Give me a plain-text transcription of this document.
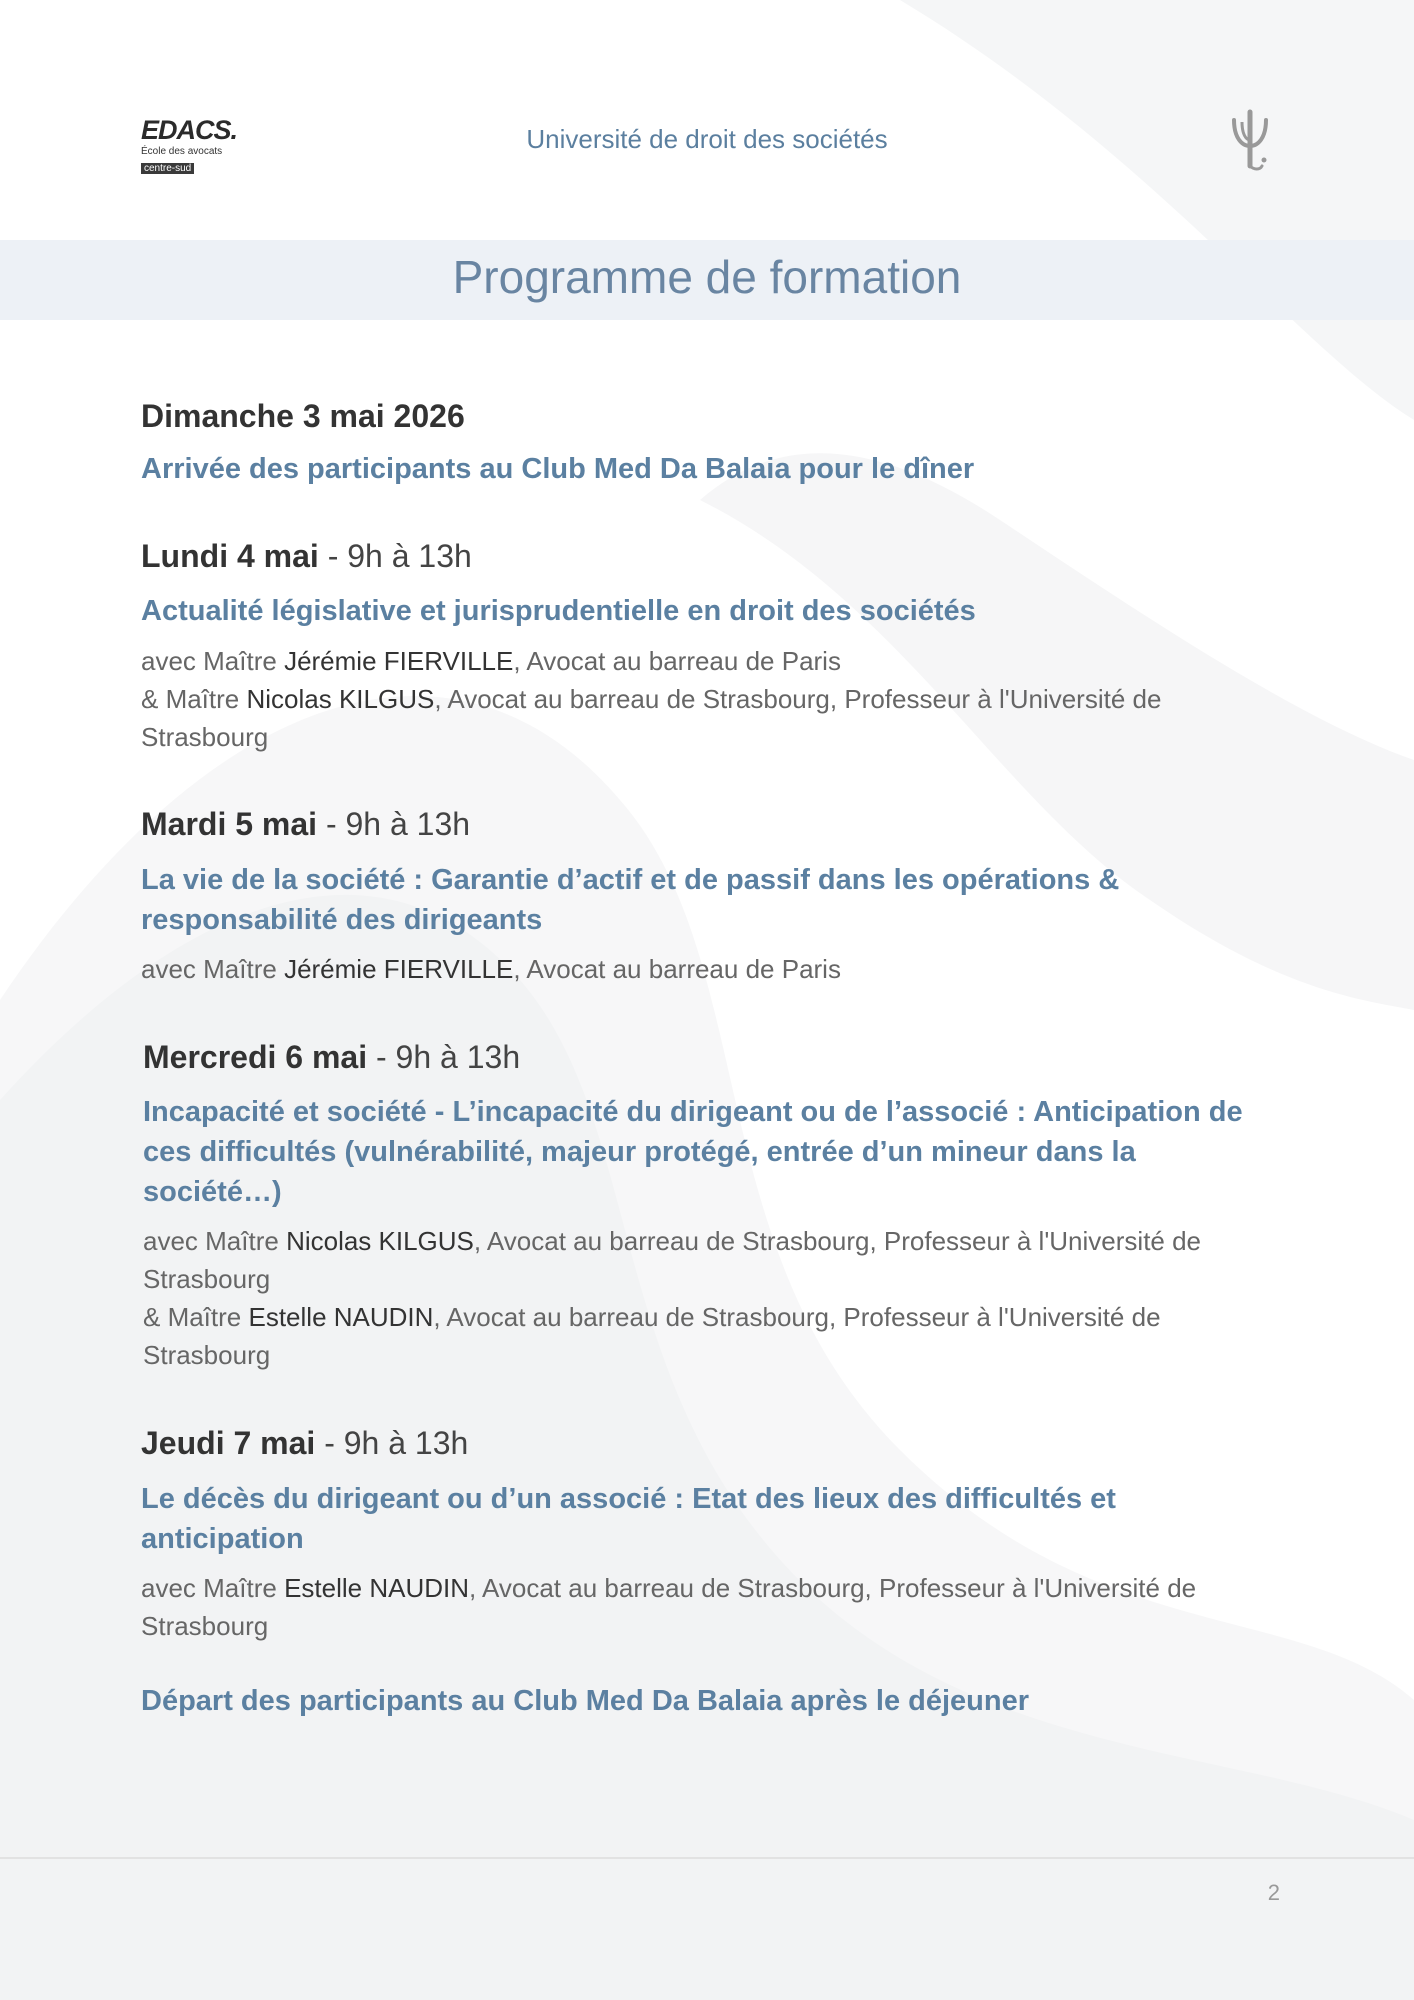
EDACS.
École des avocats
centre-sud
Université de droit des sociétés
Programme de formation
Dimanche 3 mai 2026
Arrivée des participants au Club Med Da Balaia pour le dîner
Lundi 4 mai - 9h à 13h
Actualité législative et jurisprudentielle en droit des sociétés
avec Maître Jérémie FIERVILLE, Avocat au barreau de Paris
& Maître Nicolas KILGUS, Avocat au barreau de Strasbourg, Professeur à l'Université de
Strasbourg
Mardi 5 mai - 9h à 13h
La vie de la société : Garantie d’actif et de passif dans les opérations &
responsabilité des dirigeants
avec Maître Jérémie FIERVILLE, Avocat au barreau de Paris
Mercredi 6 mai - 9h à 13h
Incapacité et société - L’incapacité du dirigeant ou de l’associé : Anticipation de
ces difficultés (vulnérabilité, majeur protégé, entrée d’un mineur dans la
société…)
avec Maître Nicolas KILGUS, Avocat au barreau de Strasbourg, Professeur à l'Université de
Strasbourg
& Maître Estelle NAUDIN, Avocat au barreau de Strasbourg, Professeur à l'Université de
Strasbourg
Jeudi 7 mai - 9h à 13h
Le décès du dirigeant ou d’un associé : Etat des lieux des difficultés et
anticipation
avec Maître Estelle NAUDIN, Avocat au barreau de Strasbourg, Professeur à l'Université de
Strasbourg
Départ des participants au Club Med Da Balaia après le déjeuner
2
